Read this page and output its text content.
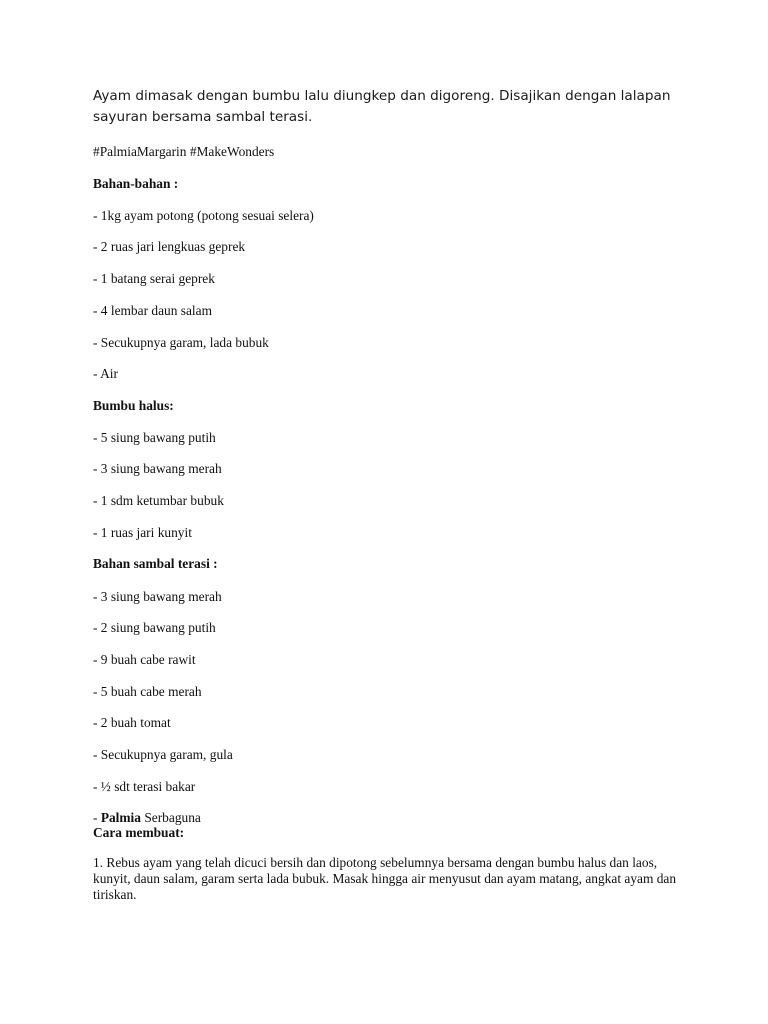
Ayam dimasak dengan bumbu lalu diungkep dan digoreng. Disajikan dengan lalapan sayuran bersama sambal terasi.

#PalmiaMargarin #MakeWonders

Bahan-bahan :

- 1kg ayam potong (potong sesuai selera)

- 2 ruas jari lengkuas geprek

- 1 batang serai geprek

- 4 lembar daun salam

- Secukupnya garam, lada bubuk

- Air

Bumbu halus:

- 5 siung bawang putih

- 3 siung bawang merah

- 1 sdm ketumbar bubuk

- 1 ruas jari kunyit

Bahan sambal terasi :

- 3 siung bawang merah

- 2 siung bawang putih

- 9 buah cabe rawit

- 5 buah cabe merah

- 2 buah tomat

- Secukupnya garam, gula

- ½ sdt terasi bakar

- Palmia Serbaguna

Cara membuat:

1. Rebus ayam yang telah dicuci bersih dan dipotong sebelumnya bersama dengan bumbu halus dan laos, kunyit, daun salam, garam serta lada bubuk. Masak hingga air menyusut dan ayam matang, angkat ayam dan tiriskan.
